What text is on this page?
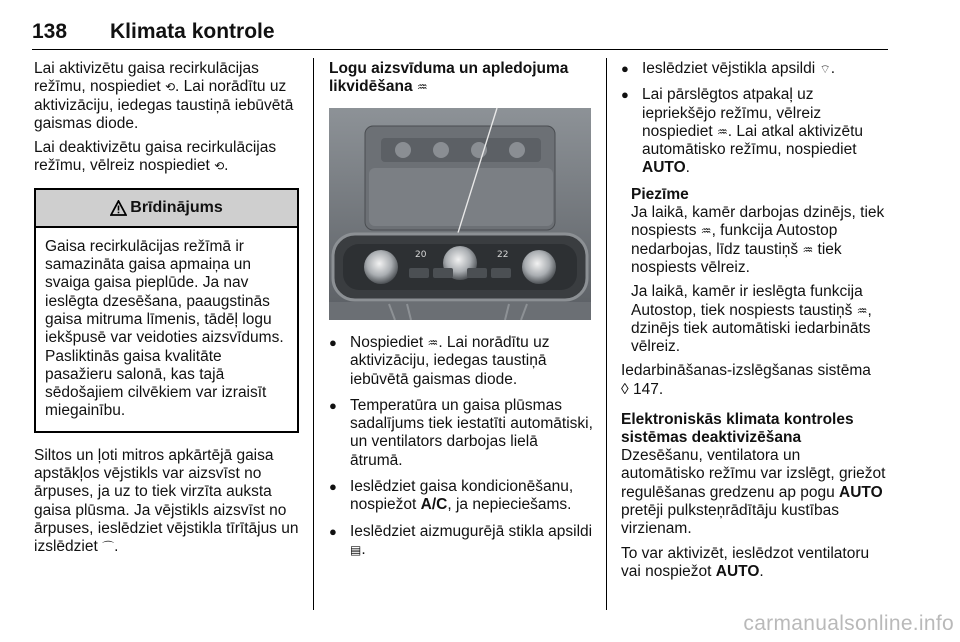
138	Klimata kontrole

Lai aktivizētu gaisa recirkulācijas režīmu, nospiediet ⟲. Lai norādītu uz aktivizāciju, iedegas taustiņā iebūvētā gaismas diode.

Lai deaktivizētu gaisa recirkulācijas režīmu, vēlreiz nospiediet ⟲.

Brīdinājums
Gaisa recirkulācijas režīmā ir samazināta gaisa apmaiņa un svaiga gaisa pieplūde. Ja nav ieslēgta dzesēšana, paaugstinās gaisa mitruma līmenis, tādēļ logu iekšpusē var veidoties aizsvīdums. Pasliktinās gaisa kvalitāte pasažieru salonā, kas tajā sēdošajiem cilvēkiem var izraisīt miegainību.

Siltos un ļoti mitros apkārtējā gaisa apstākļos vējstikls var aizsvīst no ārpuses, ja uz to tiek virzīta auksta gaisa plūsma. Ja vējstikls aizsvīst no ārpuses, ieslēdziet vējstikla tīrītājus un izslēdziet ⌒.

Logu aizsvīduma un apledojuma likvidēšana ♒
20	22
● Nospiediet ♒. Lai norādītu uz aktivizāciju, iedegas taustiņā iebūvētā gaismas diode.
● Temperatūra un gaisa plūsmas sadalījums tiek iestatīti automātiski, un ventilators darbojas lielā ātrumā.
● Ieslēdziet gaisa kondicionēšanu, nospiežot A/C, ja nepieciešams.
● Ieslēdziet aizmugurējā stikla apsildi ▤.
● Ieslēdziet vējstikla apsildi ⌔.
● Lai pārslēgtos atpakaļ uz iepriekšējo režīmu, vēlreiz nospiediet ♒. Lai atkal aktivizētu automātisko režīmu, nospiediet AUTO.
Piezīme

Ja laikā, kamēr darbojas dzinējs, tiek nospiests ♒, funkcija Autostop nedarbojas, līdz taustiņš ♒ tiek nospiests vēlreiz.

Ja laikā, kamēr ir ieslēgta funkcija Autostop, tiek nospiests taustiņš ♒, dzinējs tiek automātiski iedarbināts vēlreiz.

Iedarbināšanas-izslēgšanas sistēma
◊ 147.

Elektroniskās klimata kontroles sistēmas deaktivizēšana

Dzesēšanu, ventilatora un automātisko režīmu var izslēgt, griežot regulēšanas gredzenu ap pogu AUTO pretēji pulksteņrādītāju kustības virzienam.

To var aktivizēt, ieslēdzot ventilatoru vai nospiežot AUTO.

carmanualsonline.info
